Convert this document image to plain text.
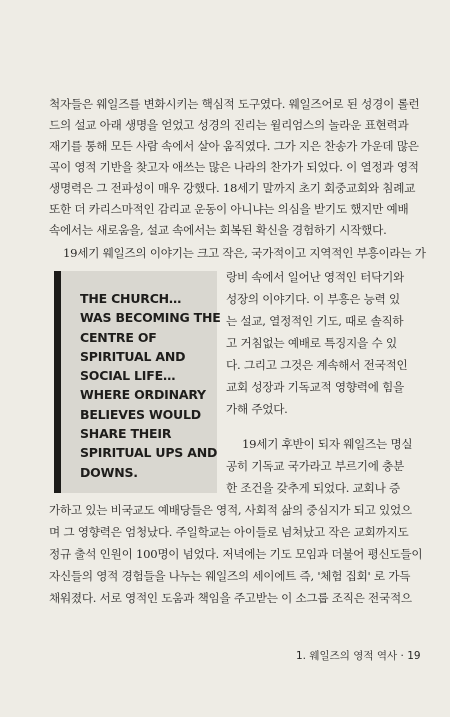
척자들은 웨일즈를 변화시키는 핵심적 도구였다. 웨일즈어로 된 성경이 롤런
드의 설교 아래 생명을 얻었고 성경의 진리는 윌리엄스의 놀라운 표현력과
재기를 통해 모든 사람 속에서 살아 움직였다. 그가 지은 찬송가 가운데 많은
곡이 영적 기반을 찾고자 애쓰는 많은 나라의 찬가가 되었다. 이 열정과 영적
생명력은 그 전파성이 매우 강했다. 18세기 말까지 초기 회중교회와 침례교
또한 더 카리스마적인 감리교 운동이 아니냐는 의심을 받기도 했지만 예배
속에서는 새로움을, 설교 속에서는 회복된 확신을 경험하기 시작했다.
19세기 웨일즈의 이야기는 크고 작은, 국가적이고 지역적인 부흥이라는 가
THE CHURCH…
WAS BECOMING THE
CENTRE OF
SPIRITUAL AND
SOCIAL LIFE…
WHERE ORDINARY
BELIEVES WOULD
SHARE THEIR
SPIRITUAL UPS AND
DOWNS.
랑비 속에서 일어난 영적인 터닥기와
성장의 이야기다. 이 부흥은 능력 있
는 설교, 열정적인 기도, 때로 솔직하
고 거침없는 예배로 특징지을 수 있
다. 그리고 그것은 계속해서 전국적인
교회 성장과 기독교적 영향력에 힘을
가해 주었다.
19세기 후반이 되자 웨일즈는 명실
공히 기독교 국가라고 부르기에 충분
한 조건을 갖추게 되었다. 교회나 증
가하고 있는 비국교도 예배당들은 영적, 사회적 삶의 중심지가 되고 있었으
며 그 영향력은 엄청났다. 주일학교는 아이들로 넘쳐났고 작은 교회까지도
정규 출석 인원이 100명이 넘었다. 저녁에는 기도 모임과 더불어 평신도들이
자신들의 영적 경험들을 나누는 웨일즈의 세이에트 즉, '체험 집회' 로 가득
채워졌다. 서로 영적인 도움과 책임을 주고받는 이 소그룹 조직은 전국적으
1. 웨일즈의 영적 역사 · 19
